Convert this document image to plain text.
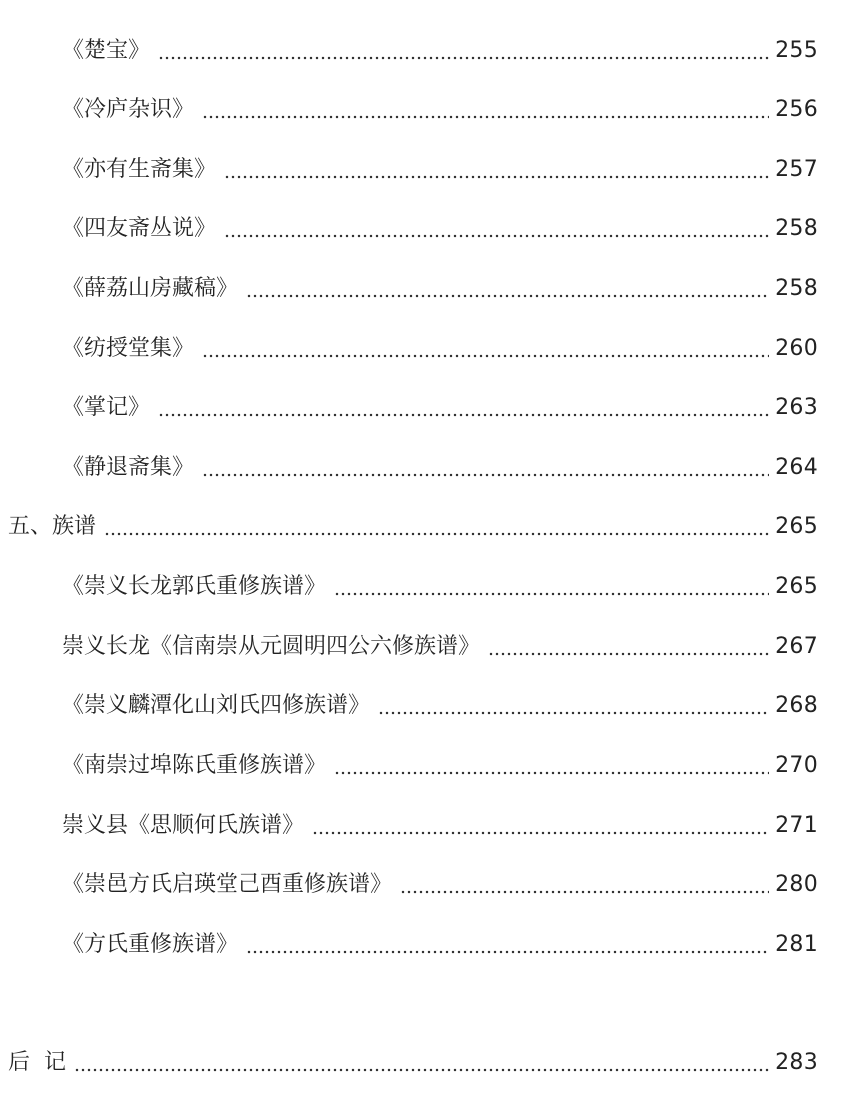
《楚宝》	255
《冷庐杂识》	256
《亦有生斋集》	257
《四友斋丛说》	258
《薛荔山房藏稿》	258
《纺授堂集》	260
《掌记》	263
《静退斋集》	264
五、族谱	265
《崇义长龙郭氏重修族谱》	265
崇义长龙《信南崇从元圆明四公六修族谱》	267
《崇义麟潭化山刘氏四修族谱》	268
《南崇过埠陈氏重修族谱》	270
崇义县《思顺何氏族谱》	271
《崇邑方氏启瑛堂己酉重修族谱》	280
《方氏重修族谱》	281
后  记	283
